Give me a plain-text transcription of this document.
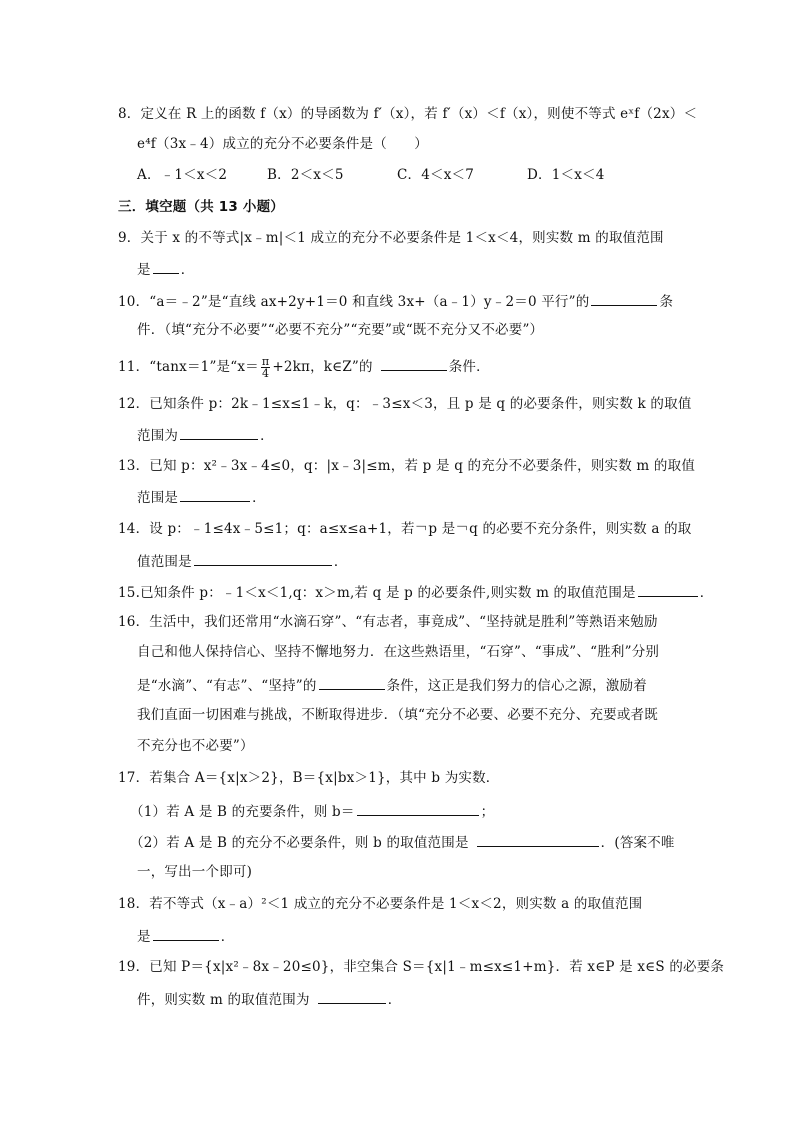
8．定义在 R 上的函数 f（x）的导函数为 f′（x），若 f′（x）＜f（x），则使不等式 eˣf（2x）＜
e⁴f（3x﹣4）成立的充分不必要条件是（　　）
A．﹣1＜x＜2	B．2＜x＜5	C．4＜x＜7	D．1＜x＜4
三．填空题（共 13 小题）
9．关于 x 的不等式|x﹣m|＜1 成立的充分不必要条件是 1＜x＜4，则实数 m 的取值范围
是 ．
10．“a＝﹣2”是“直线 ax+2y+1＝0 和直线 3x+（a﹣1）y﹣2＝0 平行”的	条
件．（填“充分不必要”“必要不充分”“充要”或“既不充分又不必要”）
11．“tanx＝1”是“$x= \frac{\pi}{4} +2k\pi$，k∈Z”的	条件．
12．已知条件 p：2k﹣1≤x≤1﹣k，q：﹣3≤x＜3，且 p 是 q 的必要条件，则实数 k 的取值
范围为	．
13．已知 p：x²﹣3x﹣4≤0，q：|x﹣3|≤m，若 p 是 q 的充分不必要条件，则实数 m 的取值
范围是	．
14．设 p：﹣1≤4x﹣5≤1；q：a≤x≤a+1，若￢p 是￢q 的必要不充分条件，则实数 a 的取
值范围是	．
15.已知条件 p：﹣1＜x＜1,q：x＞m,若 q 是 p 的必要条件,则实数 m 的取值范围是	．
16．生活中，我们还常用“水滴石穿”、“有志者，事竟成”、“坚持就是胜利”等熟语来勉励
自己和他人保持信心、坚持不懈地努力．在这些熟语里，“石穿”、“事成”、“胜利”分别
是“水滴”、“有志”、“坚持”的	条件，这正是我们努力的信心之源，激励着
我们直面一切困难与挑战，不断取得进步．（填“充分不必要、必要不充分、充要或者既
不充分也不必要”）
17．若集合 A＝{x|x＞2}，B＝{x|bx＞1}，其中 b 为实数．
（1）若 A 是 B 的充要条件，则 b＝	；
（2）若 A 是 B 的充分不必要条件，则 b 的取值范围是	．(答案不唯
一，写出一个即可)
18．若不等式（x﹣a）²＜1 成立的充分不必要条件是 1＜x＜2，则实数 a 的取值范围
是	．
19．已知 P＝{x|x²﹣8x﹣20≤0}，非空集合 S＝{x|1﹣m≤x≤1+m}．若 x∈P 是 x∈S 的必要条
件，则实数 m 的取值范围为	．
